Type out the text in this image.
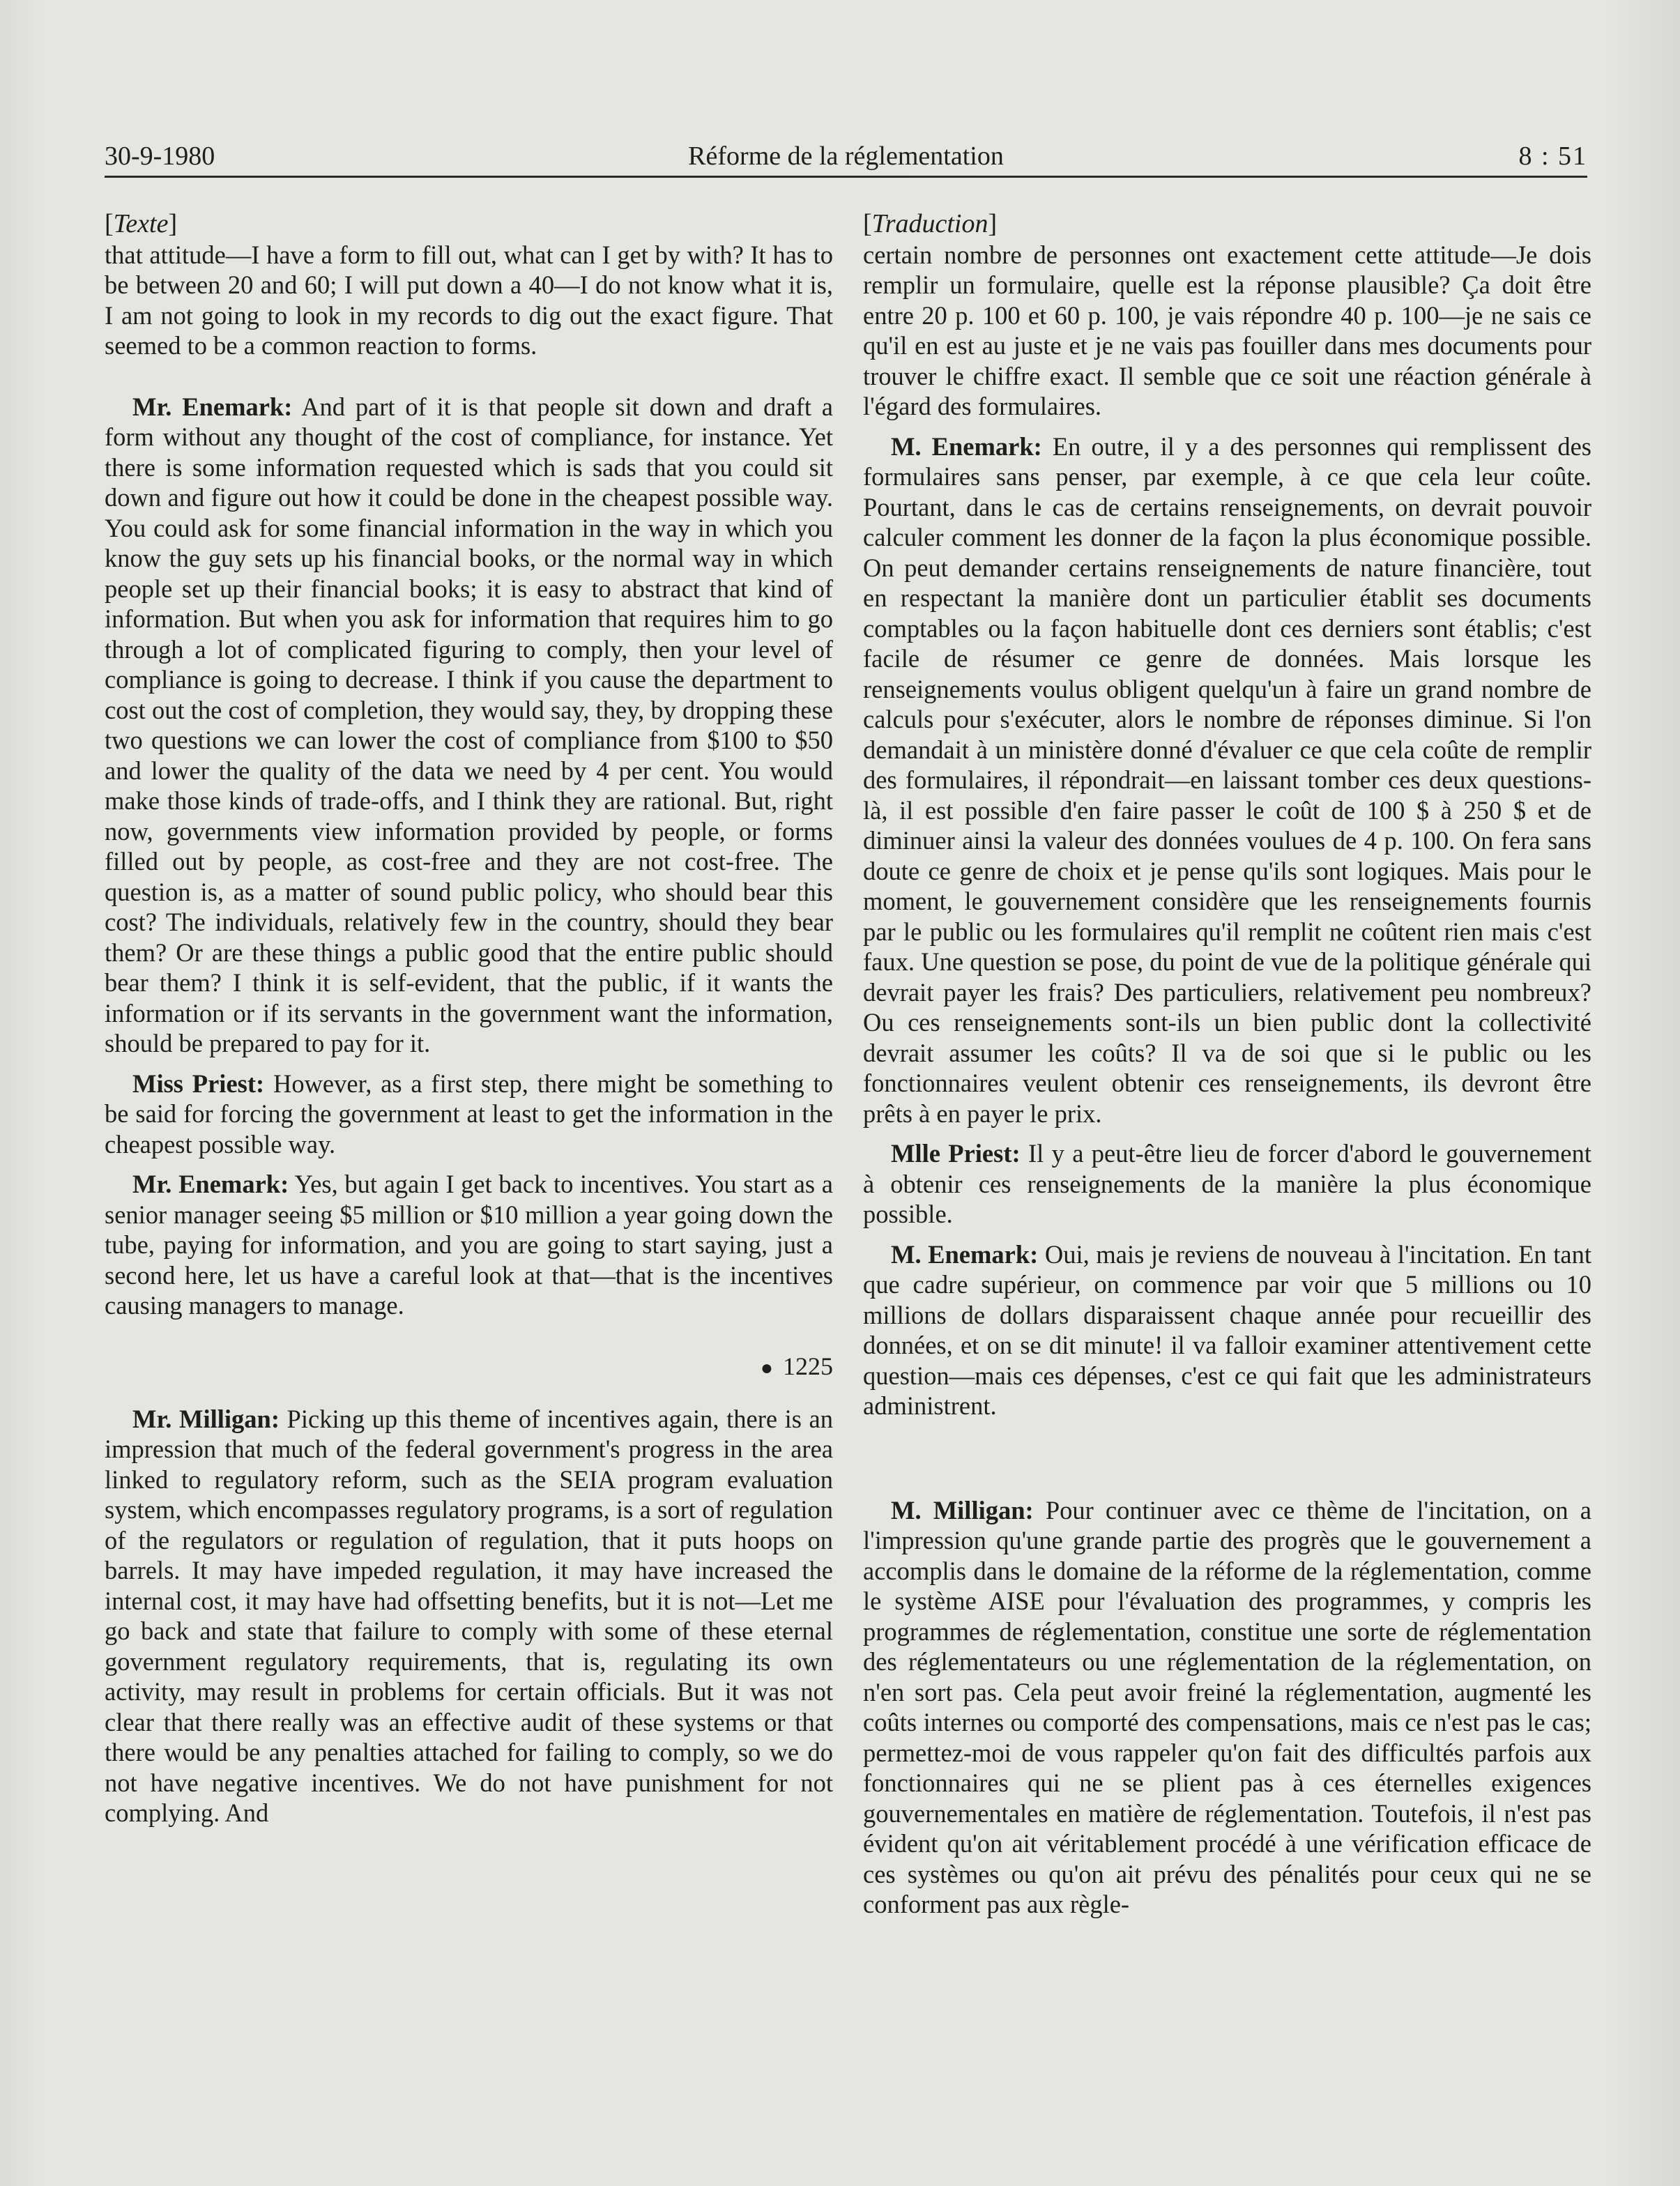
30-9-1980	Réforme de la réglementation	8 : 51
[Texte]

that attitude—I have a form to fill out, what can I get by with? It has to be between 20 and 60; I will put down a 40—I do not know what it is, I am not going to look in my records to dig out the exact figure. That seemed to be a common reaction to forms.

Mr. Enemark: And part of it is that people sit down and draft a form without any thought of the cost of compliance, for instance. Yet there is some information requested which is sads that you could sit down and figure out how it could be done in the cheapest possible way. You could ask for some financial information in the way in which you know the guy sets up his financial books, or the normal way in which people set up their financial books; it is easy to abstract that kind of information. But when you ask for information that requires him to go through a lot of complicated figuring to comply, then your level of compliance is going to decrease. I think if you cause the department to cost out the cost of completion, they would say, they, by dropping these two questions we can lower the cost of compliance from $100 to $50 and lower the quality of the data we need by 4 per cent. You would make those kinds of trade-offs, and I think they are rational. But, right now, governments view information provided by people, or forms filled out by people, as cost-free and they are not cost-free. The question is, as a matter of sound public policy, who should bear this cost? The individuals, relatively few in the country, should they bear them? Or are these things a public good that the entire public should bear them? I think it is self-evident, that the public, if it wants the information or if its servants in the government want the information, should be prepared to pay for it.

Miss Priest: However, as a first step, there might be something to be said for forcing the government at least to get the information in the cheapest possible way.

Mr. Enemark: Yes, but again I get back to incentives. You start as a senior manager seeing $5 million or $10 million a year going down the tube, paying for information, and you are going to start saying, just a second here, let us have a careful look at that—that is the incentives causing managers to manage.

● 1225

Mr. Milligan: Picking up this theme of incentives again, there is an impression that much of the federal government's progress in the area linked to regulatory reform, such as the SEIA program evaluation system, which encompasses regulatory programs, is a sort of regulation of the regulators or regulation of regulation, that it puts hoops on barrels. It may have impeded regulation, it may have increased the internal cost, it may have had offsetting benefits, but it is not—Let me go back and state that failure to comply with some of these eternal government regulatory requirements, that is, regulating its own activity, may result in problems for certain officials. But it was not clear that there really was an effective audit of these systems or that there would be any penalties attached for failing to comply, so we do not have negative incentives. We do not have punishment for not complying. And

[Traduction]

certain nombre de personnes ont exactement cette attitude—Je dois remplir un formulaire, quelle est la réponse plausible? Ça doit être entre 20 p. 100 et 60 p. 100, je vais répondre 40 p. 100—je ne sais ce qu'il en est au juste et je ne vais pas fouiller dans mes documents pour trouver le chiffre exact. Il semble que ce soit une réaction générale à l'égard des formulaires.

M. Enemark: En outre, il y a des personnes qui remplissent des formulaires sans penser, par exemple, à ce que cela leur coûte. Pourtant, dans le cas de certains renseignements, on devrait pouvoir calculer comment les donner de la façon la plus économique possible. On peut demander certains renseignements de nature financière, tout en respectant la manière dont un particulier établit ses documents comptables ou la façon habituelle dont ces derniers sont établis; c'est facile de résumer ce genre de données. Mais lorsque les renseignements voulus obligent quelqu'un à faire un grand nombre de calculs pour s'exécuter, alors le nombre de réponses diminue. Si l'on demandait à un ministère donné d'évaluer ce que cela coûte de remplir des formulaires, il répondrait—en laissant tomber ces deux questions-là, il est possible d'en faire passer le coût de 100 $ à 250 $ et de diminuer ainsi la valeur des données voulues de 4 p. 100. On fera sans doute ce genre de choix et je pense qu'ils sont logiques. Mais pour le moment, le gouvernement considère que les renseignements fournis par le public ou les formulaires qu'il remplit ne coûtent rien mais c'est faux. Une question se pose, du point de vue de la politique générale qui devrait payer les frais? Des particuliers, relativement peu nombreux? Ou ces renseignements sont-ils un bien public dont la collectivité devrait assumer les coûts? Il va de soi que si le public ou les fonctionnaires veulent obtenir ces renseignements, ils devront être prêts à en payer le prix.

Mlle Priest: Il y a peut-être lieu de forcer d'abord le gouvernement à obtenir ces renseignements de la manière la plus économique possible.

M. Enemark: Oui, mais je reviens de nouveau à l'incitation. En tant que cadre supérieur, on commence par voir que 5 millions ou 10 millions de dollars disparaissent chaque année pour recueillir des données, et on se dit minute! il va falloir examiner attentivement cette question—mais ces dépenses, c'est ce qui fait que les administrateurs administrent.

M. Milligan: Pour continuer avec ce thème de l'incitation, on a l'impression qu'une grande partie des progrès que le gouvernement a accomplis dans le domaine de la réforme de la réglementation, comme le système AISE pour l'évaluation des programmes, y compris les programmes de réglementation, constitue une sorte de réglementation des réglementateurs ou une réglementation de la réglementation, on n'en sort pas. Cela peut avoir freiné la réglementation, augmenté les coûts internes ou comporté des compensations, mais ce n'est pas le cas; permettez-moi de vous rappeler qu'on fait des difficultés parfois aux fonctionnaires qui ne se plient pas à ces éternelles exigences gouvernementales en matière de réglementation. Toutefois, il n'est pas évident qu'on ait véritablement procédé à une vérification efficace de ces systèmes ou qu'on ait prévu des pénalités pour ceux qui ne se conforment pas aux règle-
